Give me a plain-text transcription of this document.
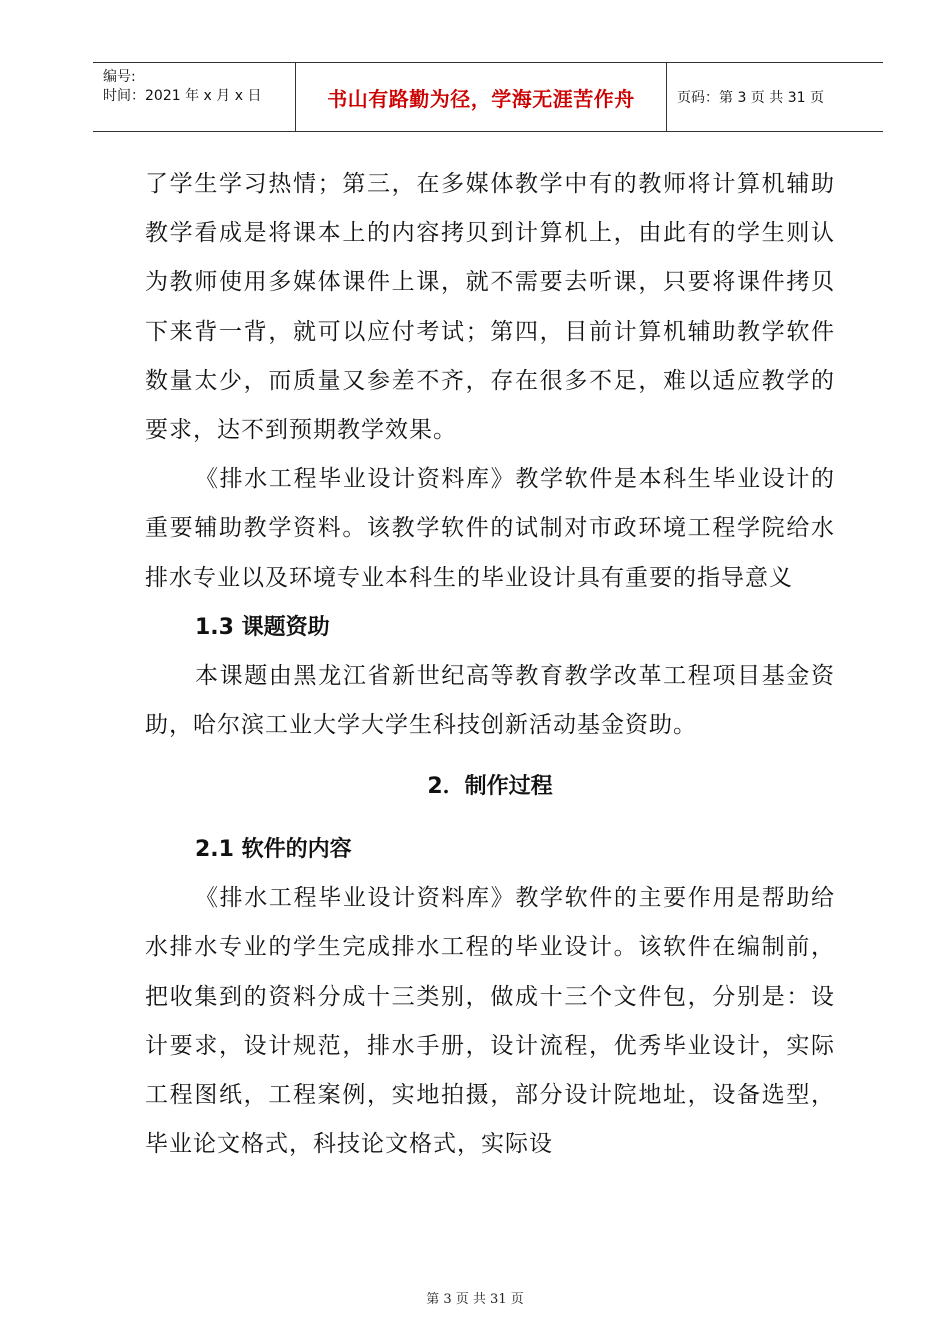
编号:
时间：2021 年 x 月 x 日	书山有路勤为径，学海无涯苦作舟	页码：第 3 页 共 31 页

了学生学习热情；第三，在多媒体教学中有的教师将计算机辅助教学看成是将课本上的内容拷贝到计算机上，由此有的学生则认为教师使用多媒体课件上课，就不需要去听课，只要将课件拷贝下来背一背，就可以应付考试；第四，目前计算机辅助教学软件数量太少，而质量又参差不齐，存在很多不足，难以适应教学的要求，达不到预期教学效果。

《排水工程毕业设计资料库》教学软件是本科生毕业设计的重要辅助教学资料。该教学软件的试制对市政环境工程学院给水排水专业以及环境专业本科生的毕业设计具有重要的指导意义

1.3 课题资助

本课题由黑龙江省新世纪高等教育教学改革工程项目基金资助，哈尔滨工业大学大学生科技创新活动基金资助。

2．制作过程
2.1 软件的内容

《排水工程毕业设计资料库》教学软件的主要作用是帮助给水排水专业的学生完成排水工程的毕业设计。该软件在编制前，把收集到的资料分成十三类别，做成十三个文件包，分别是：设计要求，设计规范，排水手册，设计流程，优秀毕业设计，实际工程图纸，工程案例，实地拍摄，部分设计院地址，设备选型，毕业论文格式，科技论文格式，实际设

第 3 页 共 31 页
